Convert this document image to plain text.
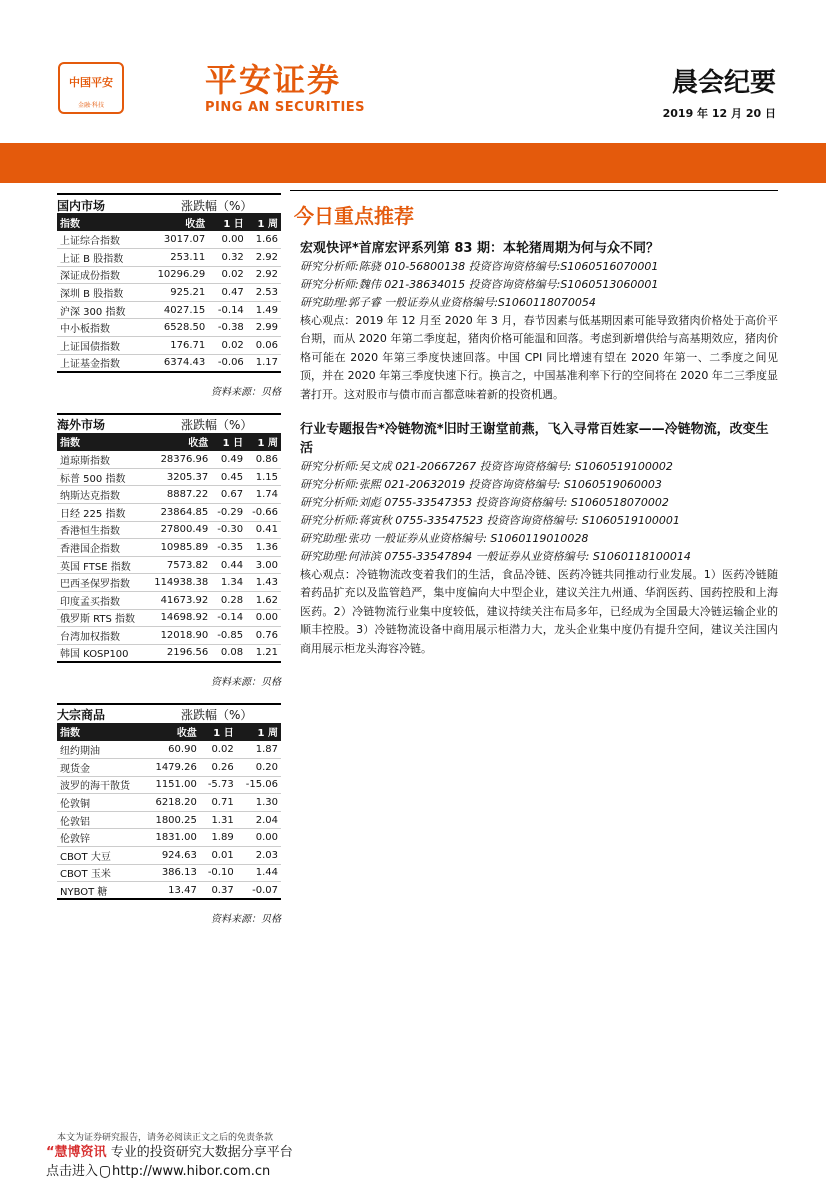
中国平安
金融·科技
平安证券
PING AN SECURITIES
晨会纪要
2019 年 12 月 20 日
国内市场	涨跌幅（%）
指数	收盘	1 日	1 周
上证综合指数	3017.07	0.00	1.66
上证 B 股指数	253.11	0.32	2.92
深证成份指数	10296.29	0.02	2.92
深圳 B 股指数	925.21	0.47	2.53
沪深 300 指数	4027.15	-0.14	1.49
中小板指数	6528.50	-0.38	2.99
上证国债指数	176.71	0.02	0.06
上证基金指数	6374.43	-0.06	1.17
资料来源：贝格
海外市场	涨跌幅（%）
指数	收盘	1 日	1 周
道琼斯指数	28376.96	0.49	0.86
标普 500 指数	3205.37	0.45	1.15
纳斯达克指数	8887.22	0.67	1.74
日经 225 指数	23864.85	-0.29	-0.66
香港恒生指数	27800.49	-0.30	0.41
香港国企指数	10985.89	-0.35	1.36
英国 FTSE 指数	7573.82	0.44	3.00
巴西圣保罗指数	114938.38	1.34	1.43
印度孟买指数	41673.92	0.28	1.62
俄罗斯 RTS 指数	14698.92	-0.14	0.00
台湾加权指数	12018.90	-0.85	0.76
韩国 KOSP100	2196.56	0.08	1.21
资料来源：贝格
大宗商品	涨跌幅（%）
指数	收盘	1 日	1 周
纽约期油	60.90	0.02	1.87
现货金	1479.26	0.26	0.20
波罗的海干散货	1151.00	-5.73	-15.06
伦敦铜	6218.20	0.71	1.30
伦敦铝	1800.25	1.31	2.04
伦敦锌	1831.00	1.89	0.00
CBOT 大豆	924.63	0.01	2.03
CBOT 玉米	386.13	-0.10	1.44
NYBOT 糖	13.47	0.37	-0.07
资料来源：贝格
今日重点推荐
宏观快评*首席宏评系列第 83 期：本轮猪周期为何与众不同？
研究分析师:陈骁 010-56800138 投资咨询资格编号:S1060516070001
研究分析师:魏伟 021-38634015 投资咨询资格编号:S1060513060001
研究助理:郭子睿 一般证券从业资格编号:S1060118070054

核心观点：2019 年 12 月至 2020 年 3 月，春节因素与低基期因素可能导致猪肉价格处于高价平台期，而从 2020 年第二季度起，猪肉价格可能温和回落。考虑到新增供给与高基期效应，猪肉价格可能在 2020 年第三季度快速回落。中国 CPI 同比增速有望在 2020 年第一、二季度之间见顶，并在 2020 年第三季度快速下行。换言之，中国基准利率下行的空间将在 2020 年二三季度显著打开。这对股市与债市而言都意味着新的投资机遇。

行业专题报告*冷链物流*旧时王谢堂前燕，飞入寻常百姓家——冷链物流，改变生活
研究分析师:吴文成 021-20667267 投资咨询资格编号: S1060519100002
研究分析师:张熙 021-20632019 投资咨询资格编号: S1060519060003
研究分析师:刘彪 0755-33547353 投资咨询资格编号: S1060518070002
研究分析师:蒋寅秋 0755-33547523 投资咨询资格编号: S1060519100001
研究助理:张功 一般证券从业资格编号: S1060119010028
研究助理:何沛滨 0755-33547894 一般证券从业资格编号: S1060118100014

核心观点：冷链物流改变着我们的生活，食品冷链、医药冷链共同推动行业发展。1）医药冷链随着药品扩充以及监管趋严，集中度偏向大中型企业，建议关注九州通、华润医药、国药控股和上海医药。2）冷链物流行业集中度较低，建议持续关注布局多年，已经成为全国最大冷链运输企业的顺丰控股。3）冷链物流设备中商用展示柜潜力大，龙头企业集中度仍有提升空间，建议关注国内商用展示柜龙头海容冷链。

本文为证券研究报告，请务必阅读正文之后的免责条款
“慧博资讯 专业的投资研究大数据分享平台
点击进入 http://www.hibor.com.cn
